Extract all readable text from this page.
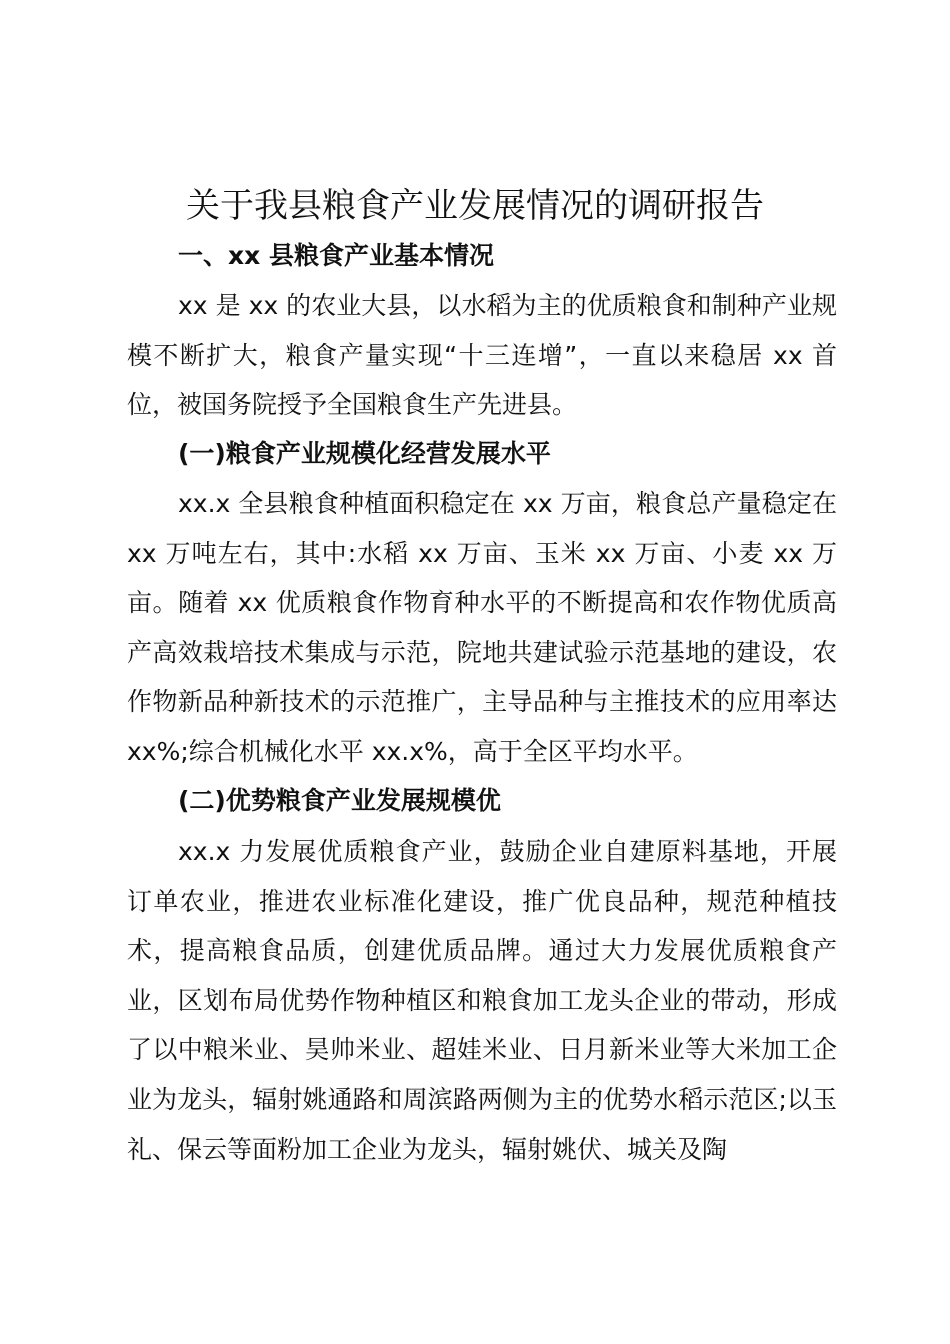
关于我县粮食产业发展情况的调研报告
一、xx 县粮食产业基本情况

xx 是 xx 的农业大县，以水稻为主的优质粮食和制种产业规模不断扩大，粮食产量实现“十三连增”，一直以来稳居 xx 首位，被国务院授予全国粮食生产先进县。

(一)粮食产业规模化经营发展水平

xx.x 全县粮食种植面积稳定在 xx 万亩，粮食总产量稳定在 xx 万吨左右，其中:水稻 xx 万亩、玉米 xx 万亩、小麦 xx 万亩。随着 xx 优质粮食作物育种水平的不断提高和农作物优质高产高效栽培技术集成与示范，院地共建试验示范基地的建设，农作物新品种新技术的示范推广，主导品种与主推技术的应用率达 xx%;综合机械化水平 xx.x%，高于全区平均水平。

(二)优势粮食产业发展规模优

xx.x 力发展优质粮食产业，鼓励企业自建原料基地，开展订单农业，推进农业标准化建设，推广优良品种，规范种植技术，提高粮食品质，创建优质品牌。通过大力发展优质粮食产业，区划布局优势作物种植区和粮食加工龙头企业的带动，形成了以中粮米业、昊帅米业、超娃米业、日月新米业等大米加工企业为龙头，辐射姚通路和周滨路两侧为主的优势水稻示范区;以玉礼、保云等面粉加工企业为龙头，辐射姚伏、城关及陶
